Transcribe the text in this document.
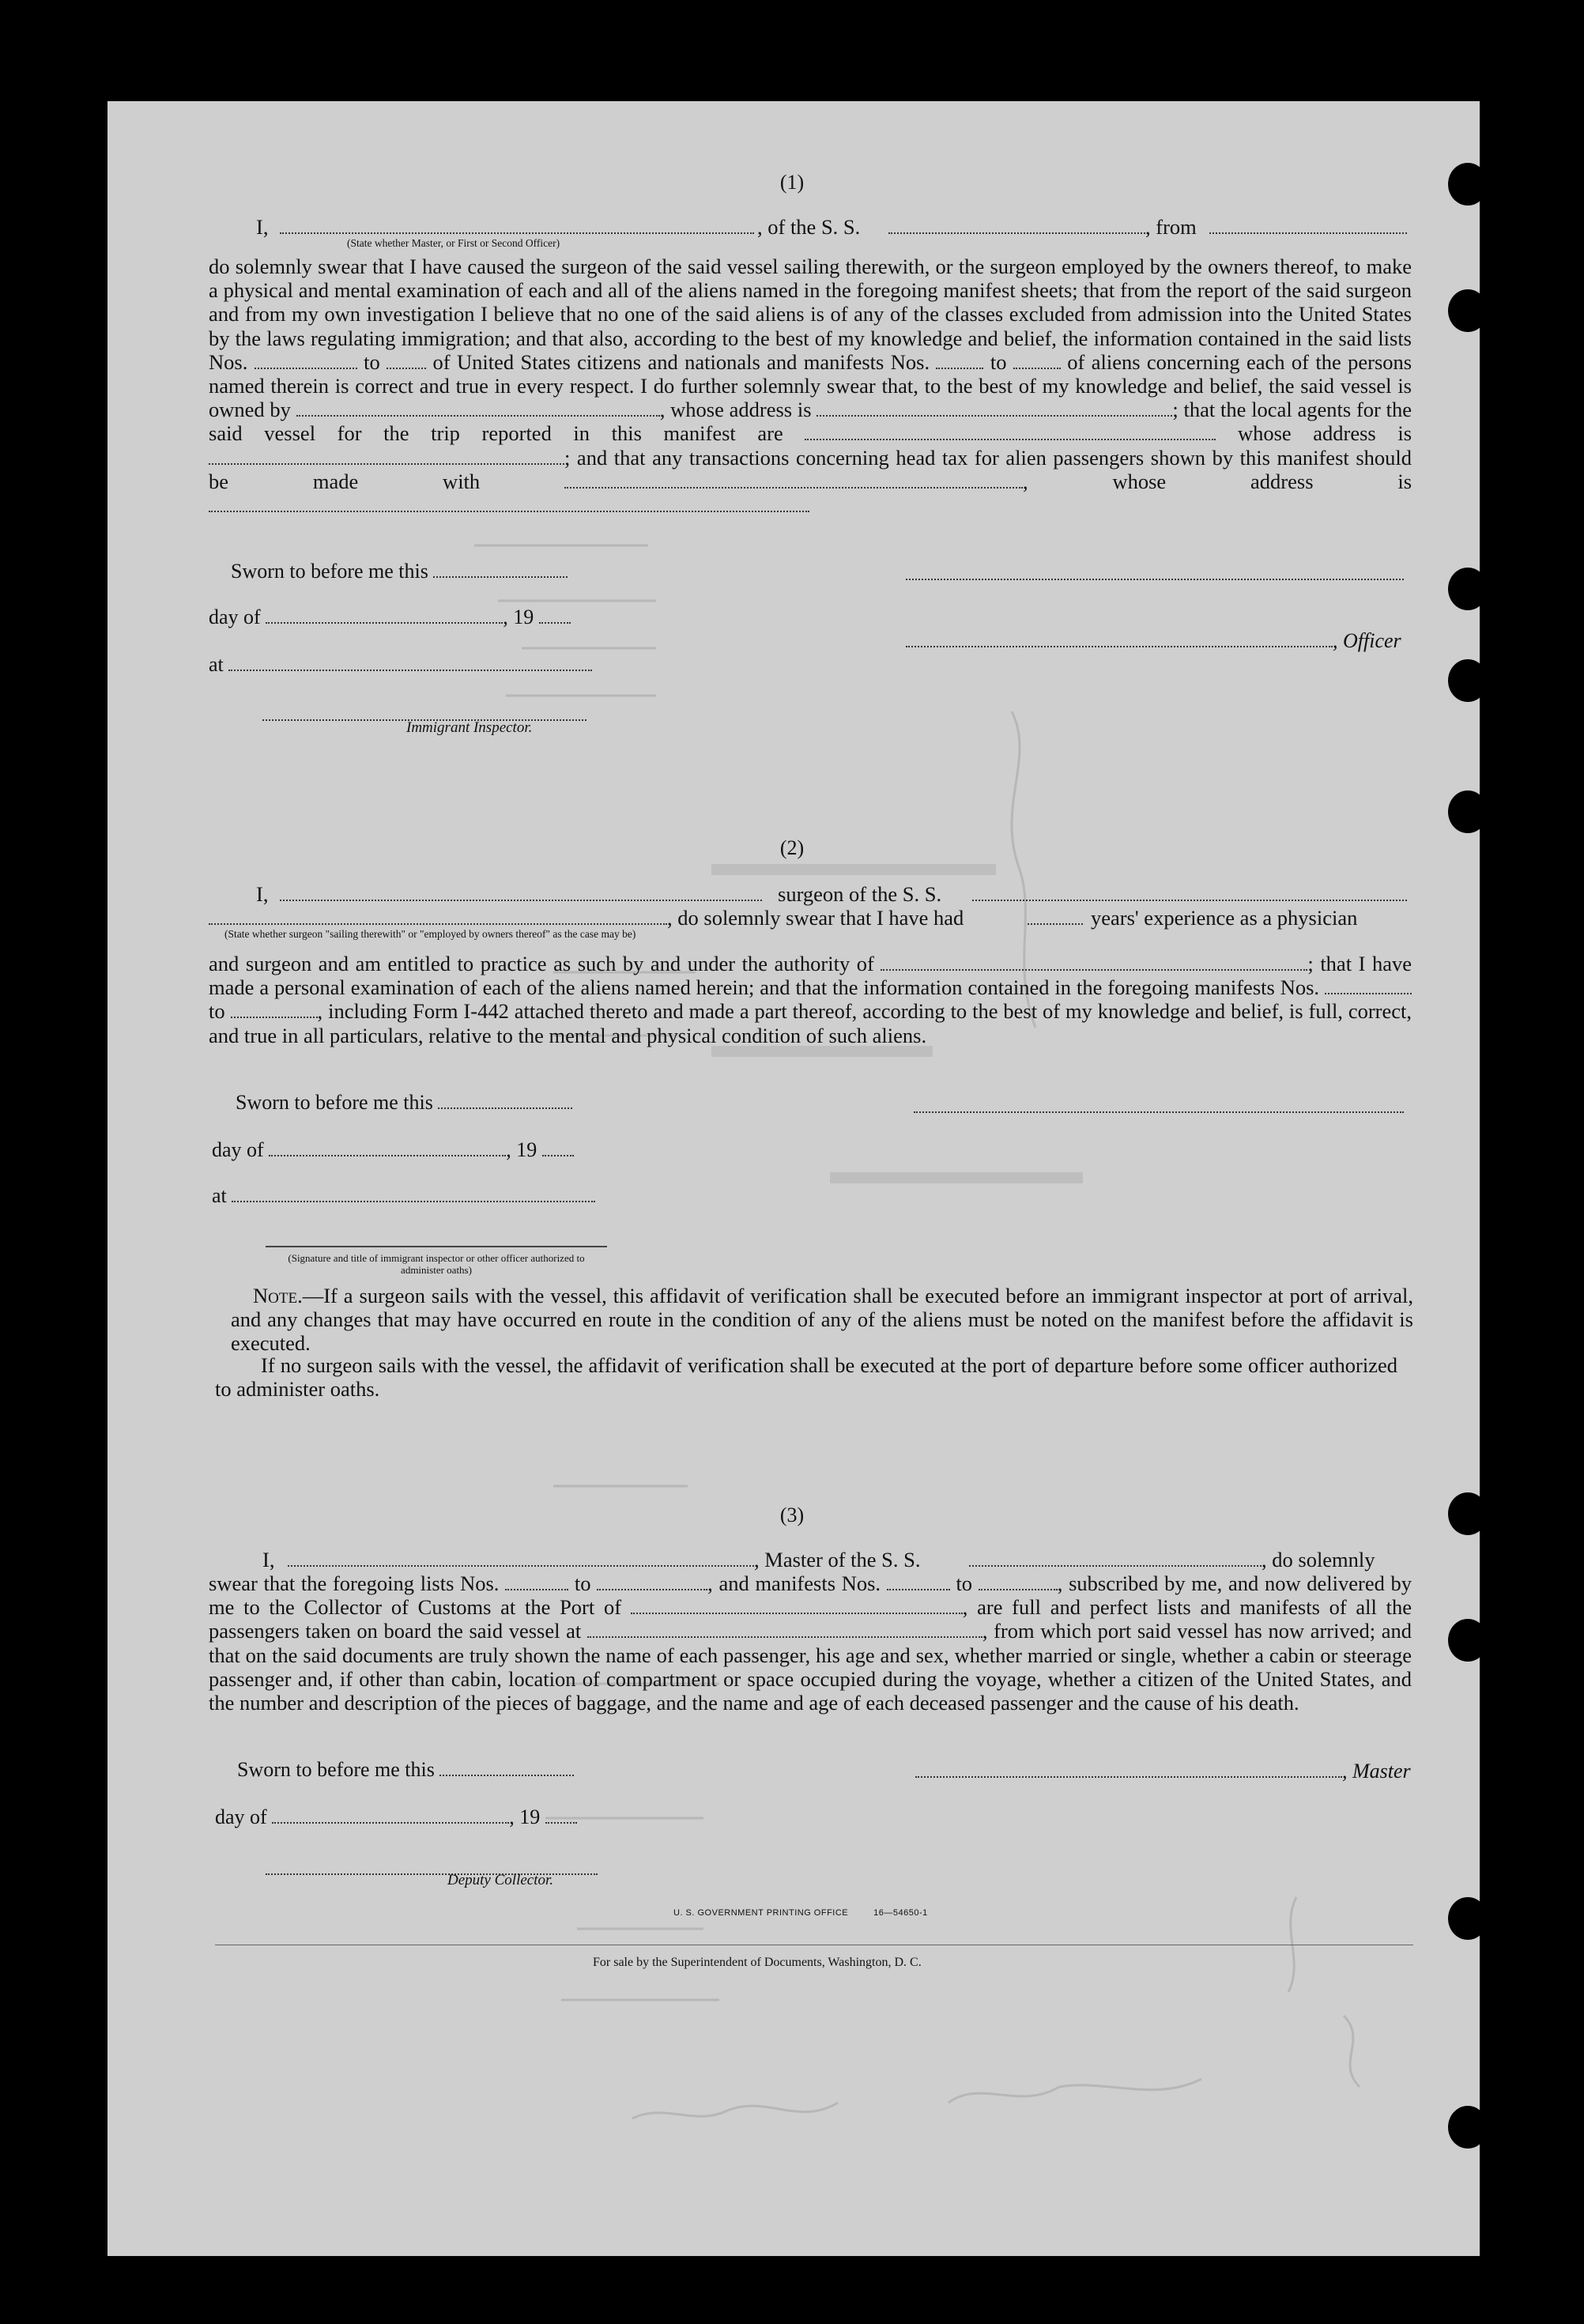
(1)
I,	, of the S. S.	, from
(State whether Master, or First or Second Officer)
do solemnly swear that I have caused the surgeon of the said vessel sailing therewith, or the surgeon employed by the owners thereof, to make a physical and mental examination of each and all of the aliens named in the foregoing manifest sheets; that from the report of the said surgeon and from my own investigation I believe that no one of the said aliens is of any of the classes excluded from admission into the United States by the laws regulating immigration; and that also, according to the best of my knowledge and belief, the information contained in the said lists Nos.	to	of United States citizens and nationals and manifests Nos.	to	of aliens concerning each of the persons named therein is correct and true in every respect. I do further solemnly swear that, to the best of my knowledge and belief, the said vessel is owned by	, whose address is	; that the local agents for the said vessel for the trip reported in this manifest are	whose address is ; and that any transactions concerning head tax for alien passengers shown by this manifest should be made with	, whose address is
Sworn to before me this
day of	, 19
at
Immigrant Inspector.
, Officer
(2)
I,	surgeon of the S. S.
, do solemnly swear that I have had	years' experience as a physician
(State whether surgeon "sailing therewith" or "employed by owners thereof" as the case may be)
and surgeon and am entitled to practice as such by and under the authority of	; that I have made a personal examination of each of the aliens named herein; and that the information contained in the foregoing manifests Nos.  to	, including Form I-442 attached thereto and made a part thereof, according to the best of my knowledge and belief, is full, correct, and true in all particulars, relative to the mental and physical condition of such aliens.
Sworn to before me this
day of	, 19
at
(Signature and title of immigrant inspector or other officer authorized to administer oaths)
Note.—If a surgeon sails with the vessel, this affidavit of verification shall be executed before an immigrant inspector at port of arrival, and any changes that may have occurred en route in the condition of any of the aliens must be noted on the manifest before the affidavit is executed.
If no surgeon sails with the vessel, the affidavit of verification shall be executed at the port of departure before some officer authorized to administer oaths.
(3)
I,	, Master of the S. S.	, do solemnly
swear that the foregoing lists Nos.	to	, and manifests Nos.	to	, subscribed by me, and now delivered by me to the Collector of Customs at the Port of	, are full and perfect lists and manifests of all the passengers taken on board the said vessel at	, from which port said vessel has now arrived; and that on the said documents are truly shown the name of each passenger, his age and sex, whether married or single, whether a cabin or steerage passenger and, if other than cabin, location of compartment or space occupied during the voyage, whether a citizen of the United States, and the number and description of the pieces of baggage, and the name and age of each deceased passenger and the cause of his death.
Sworn to before me this	, Master
day of	, 19
Deputy Collector.
U. S. GOVERNMENT PRINTING OFFICE	16—54650-1
For sale by the Superintendent of Documents, Washington, D. C.
